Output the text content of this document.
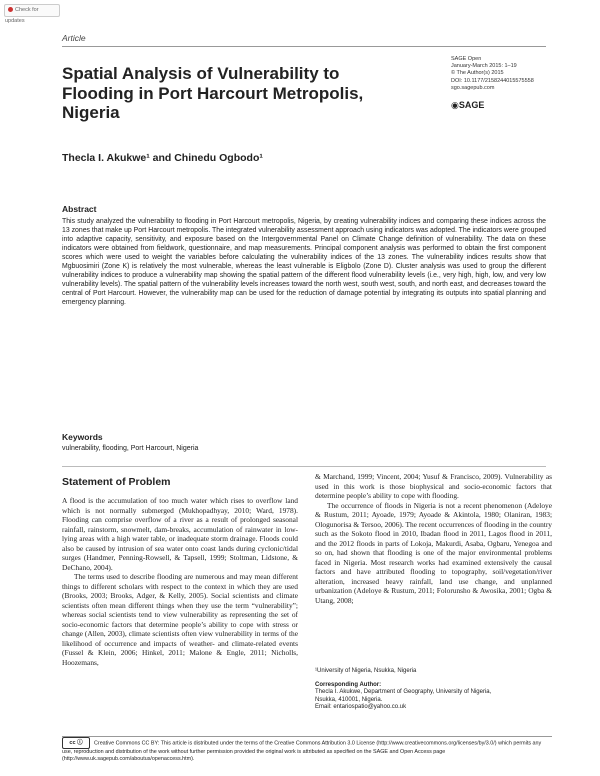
Check for updates
Article
SAGE Open
January-March 2015: 1–19
© The Author(s) 2015
DOI: 10.1177/2158244015575558
sgo.sagepub.com
◉SAGE
Spatial Analysis of Vulnerability to Flooding in Port Harcourt Metropolis, Nigeria
Thecla I. Akukwe¹ and Chinedu Ogbodo¹
Abstract

This study analyzed the vulnerability to flooding in Port Harcourt metropolis, Nigeria, by creating vulnerability indices and comparing these indices across the 13 zones that make up Port Harcourt metropolis. The integrated vulnerability assessment approach using indicators was adopted. The indicators were grouped into adaptive capacity, sensitivity, and exposure based on the Intergovernmental Panel on Climate Change definition of vulnerability. The data on these indicators were obtained from fieldwork, questionnaire, and map measurements. Principal component analysis was performed to obtain the first component scores which were used to weight the variables before calculating the vulnerability indices of the 13 zones. The vulnerability indices results show that Mgbuosimiri (Zone K) is relatively the most vulnerable, whereas the least vulnerable is Eligbolo (Zone D). Cluster analysis was used to group the different vulnerability indices to produce a vulnerability map showing the spatial pattern of the different flood vulnerability levels (i.e., very high, high, low, and very low vulnerability levels). The spatial pattern of the vulnerability levels increases toward the north west, south west, south, and north east, and decreases toward the central of Port Harcourt. However, the vulnerability map can be used for the reduction of damage potential by integrating its outputs into spatial planning and emergency planning.

Keywords
vulnerability, flooding, Port Harcourt, Nigeria
Statement of Problem

A flood is the accumulation of too much water which rises to overflow land which is not normally submerged (Mukhopadhyay, 2010; Ward, 1978). Flooding can comprise overflow of a river as a result of prolonged seasonal rainfall, rainstorm, snowmelt, dam-breaks, accumulation of rainwater in low-lying areas with a high water table, or inadequate storm drainage. Floods could also be caused by intrusion of sea water onto coast lands during cyclonic/tidal surges (Handmer, Penning-Rowsell, & Tapsell, 1999; Stoltman, Lidstone, & DeChano, 2004).

The terms used to describe flooding are numerous and may mean different things to different scholars with respect to the context in which they are used (Brooks, 2003; Brooks, Adger, & Kelly, 2005). Social scientists and climate scientists often mean different things when they use the term “vulnerability”; whereas social scientists tend to view vulnerability as representing the set of socio-economic factors that determine people’s ability to cope with stress or change (Allen, 2003), climate scientists often view vulnerability in terms of the likelihood of occurrence and impacts of weather- and climate-related events (Fussel & Klein, 2006; Hinkel, 2011; Malone & Engle, 2011; Nicholls, Hoozemans,

& Marchand, 1999; Vincent, 2004; Yusuf & Francisco, 2009). Vulnerability as used in this work is those biophysical and socio-economic factors that determine people’s ability to cope with flooding.

The occurrence of floods in Nigeria is not a recent phenomenon (Adeloye & Rustum, 2011; Ayoade, 1979; Ayoade & Akintola, 1980; Olaniran, 1983; Ologunorisa & Tersoo, 2006). The recent occurrences of flooding in the country such as the Sokoto flood in 2010, Ibadan flood in 2011, Lagos flood in 2011, and the 2012 floods in parts of Lokoja, Makurdi, Asaba, Ogbaru, Yenegoa and so on, had shown that flooding is one of the major environmental problems faced in Nigeria. Most research works had examined extensively the causal factors and have attributed flooding to topography, soil/vegetation/river alteration, increased heavy rainfall, land use change, and unplanned urbanization (Adeloye & Rustum, 2011; Folorunsho & Awosika, 2001; Ogba & Utang, 2008;

¹University of Nigeria, Nsukka, Nigeria
Corresponding Author:
Thecla I. Akukwe, Department of Geography, University of Nigeria,
Nsukka, 410001, Nigeria.
Email: entariospatio@yahoo.co.uk
cc ⓘ Creative Commons CC BY: This article is distributed under the terms of the Creative Commons Attribution 3.0 License (http://www.creativecommons.org/licenses/by/3.0/) which permits any use, reproduction and distribution of the work without further permission provided the original work is attributed as specified on the SAGE and Open Access page (http://www.uk.sagepub.com/aboutus/openaccess.htm).
